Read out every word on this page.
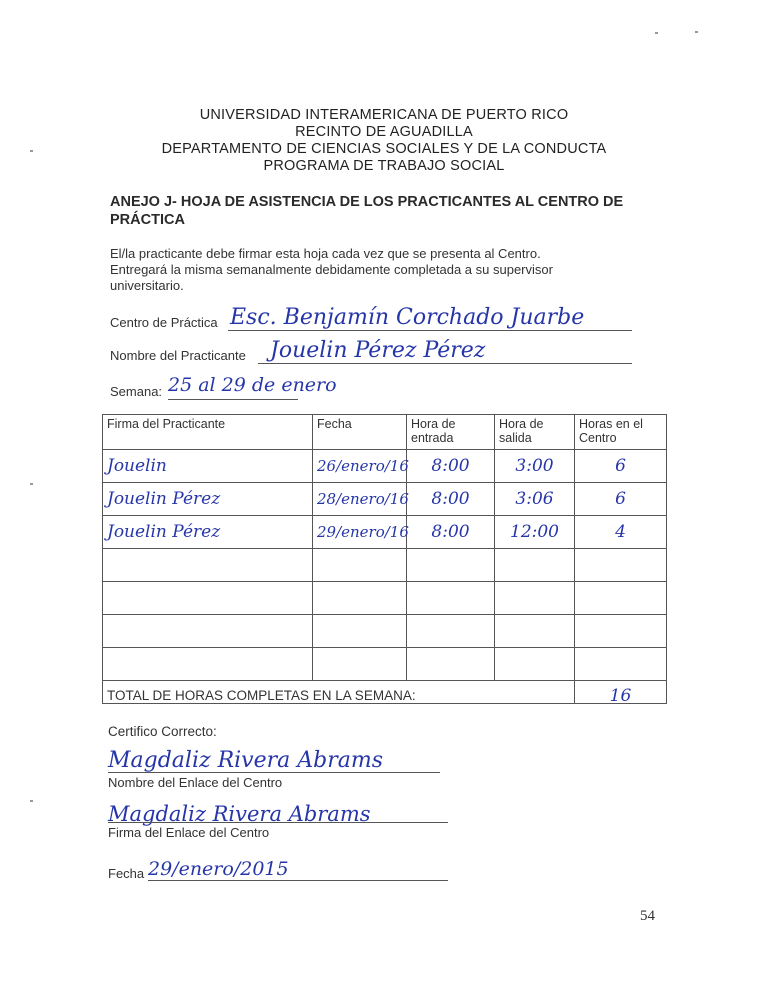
UNIVERSIDAD INTERAMERICANA DE PUERTO RICO
RECINTO DE AGUADILLA
DEPARTAMENTO DE CIENCIAS SOCIALES Y DE LA CONDUCTA
PROGRAMA DE TRABAJO SOCIAL
ANEJO J- HOJA DE ASISTENCIA DE LOS PRACTICANTES AL CENTRO DE
PRÁCTICA
El/la practicante debe firmar esta hoja cada vez que se presenta al Centro.
Entregará la misma semanalmente debidamente completada a su supervisor
universitario.
Centro de Práctica Esc. Benjamín Corchado Juarbe
Nombre del Practicante Jouelin Pérez Pérez
Semana: 25 al 29 de enero
Firma del Practicante	Fecha	Hora de entrada	Hora de salida	Horas en el Centro
Jouelin	26/enero/16	8:00	3:00	6
Jouelin Pérez	28/enero/16	8:00	3:06	6
Jouelin Pérez	29/enero/16	8:00	12:00	4

TOTAL DE HORAS COMPLETAS EN LA SEMANA:				16
Certifico Correcto:
Magdaliz Rivera Abrams
Nombre del Enlace del Centro
Magdaliz Rivera Abrams
Firma del Enlace del Centro
Fecha 29/enero/2015
54
